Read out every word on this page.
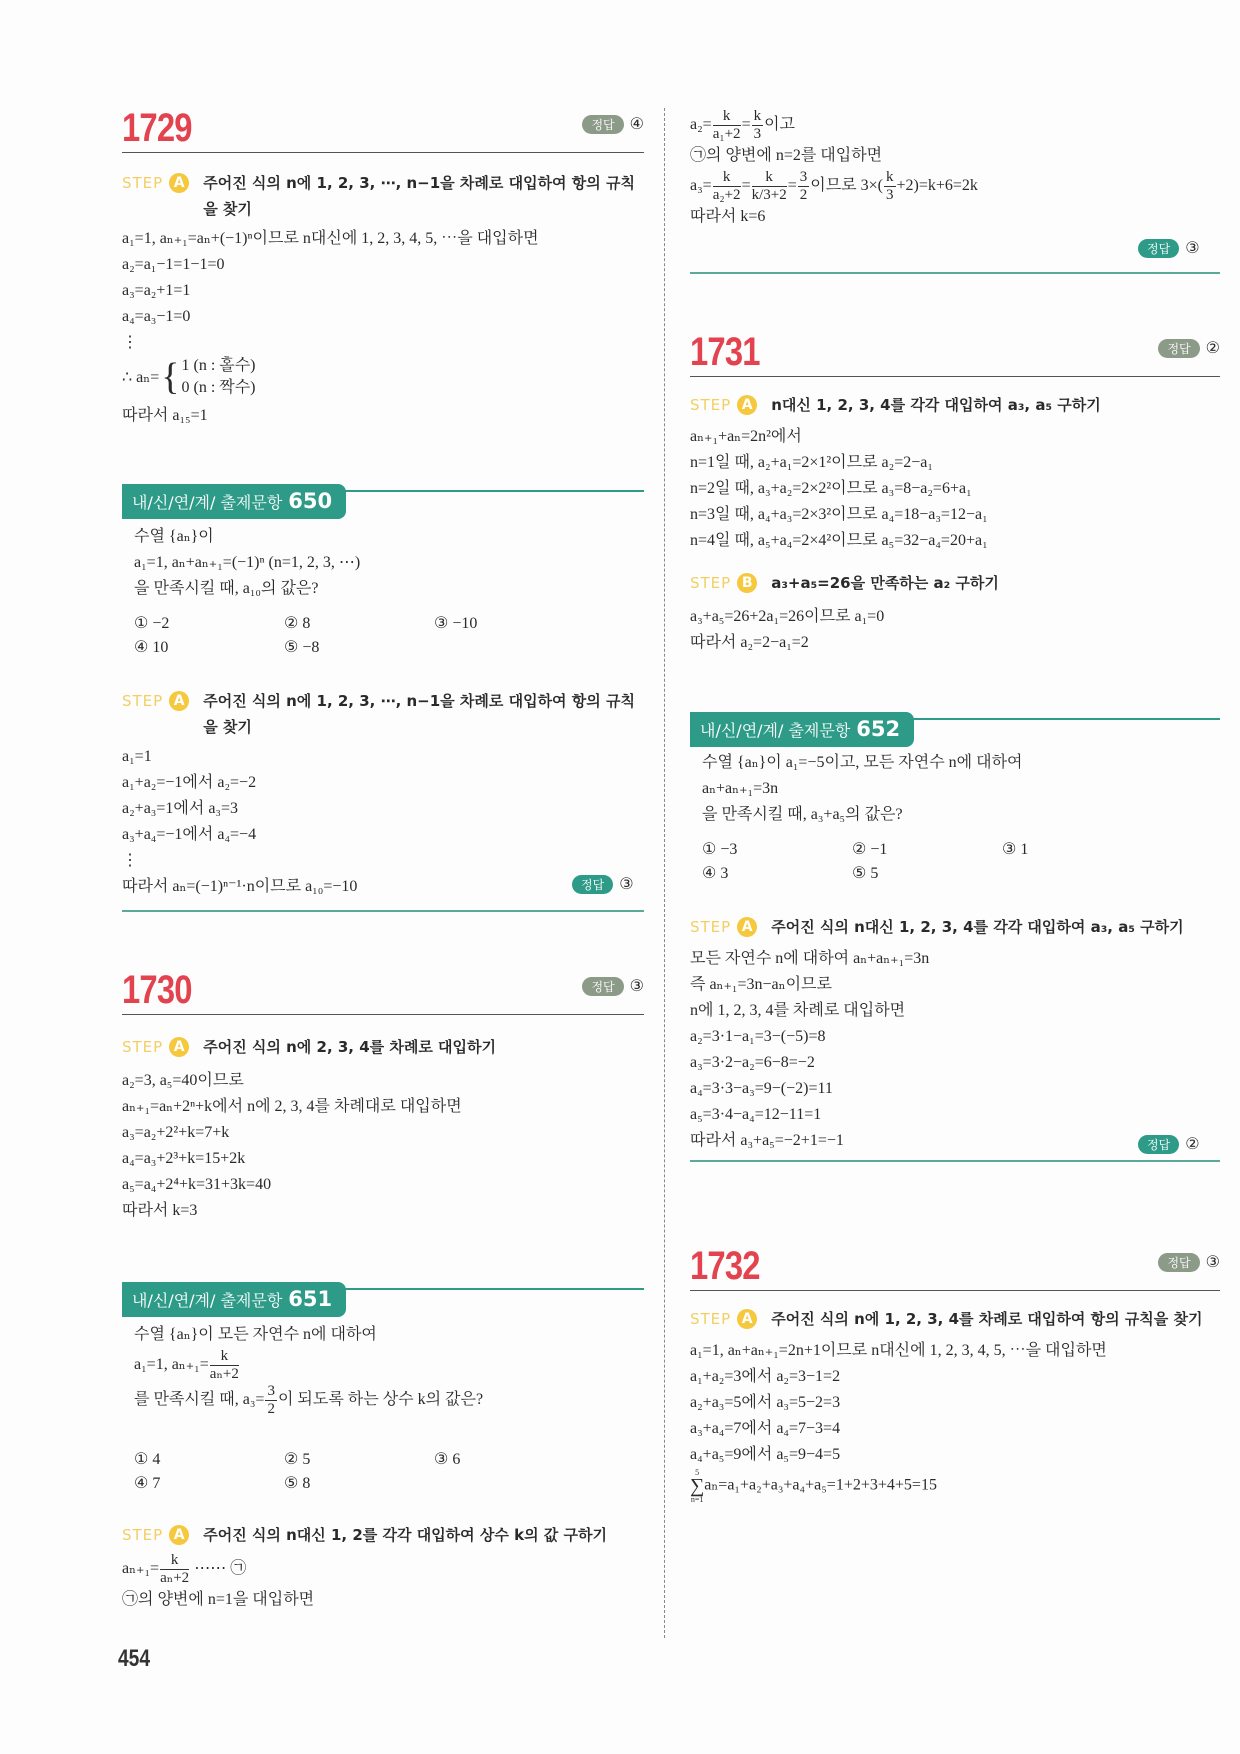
1729	정답 ④
STEP A	주어진 식의 n에 1, 2, 3, ⋯, n−1을 차례로 대입하여 항의 규칙을 찾기
a₁=1, aₙ₊₁=aₙ+(−1)ⁿ이므로 n대신에 1, 2, 3, 4, 5, ⋯을 대입하면
a₂=a₁−1=1−1=0
a₃=a₂+1=1
a₄=a₃−1=0
⋮
∴ aₙ= { 1 (n : 홀수)
0 (n : 짝수)
따라서 a₁₅=1
내/신/연/계/ 출제문항 650
수열 {aₙ}이
a₁=1, aₙ+aₙ₊₁=(−1)ⁿ (n=1, 2, 3, ⋯)
을 만족시킬 때, a₁₀의 값은?
① −2	② 8	③ −10
④ 10	⑤ −8
STEP A	주어진 식의 n에 1, 2, 3, ⋯, n−1을 차례로 대입하여 항의 규칙을 찾기
a₁=1
a₁+a₂=−1에서 a₂=−2
a₂+a₃=1에서 a₃=3
a₃+a₄=−1에서 a₄=−4
⋮
따라서 aₙ=(−1)ⁿ⁻¹·n이므로 a₁₀=−10	정답 ③
1730	정답 ③
STEP A	주어진 식의 n에 2, 3, 4를 차례로 대입하기
a₂=3, a₅=40이므로
aₙ₊₁=aₙ+2ⁿ+k에서 n에 2, 3, 4를 차례대로 대입하면
a₃=a₂+2²+k=7+k
a₄=a₃+2³+k=15+2k
a₅=a₄+2⁴+k=31+3k=40
따라서 k=3
내/신/연/계/ 출제문항 651
수열 {aₙ}이 모든 자연수 n에 대하여
a₁=1, $a_{n+1}= \frac{k}{\text{aₙ+2}}$
를 만족시킬 때, $a_3= \frac{3}{2}$ 이 되도록 하는 상수 k의 값은?
① 4	② 5	③ 6
④ 7	⑤ 8
STEP A	주어진 식의 n대신 1, 2를 각각 대입하여 상수 k의 값 구하기
$a_{n+1}= \frac{k}{\text{aₙ+2}}$ ⋯⋯ ㉠
㉠의 양변에 n=1을 대입하면
454
$a_2= \frac{k}{\text{a₁+2}} = \frac{k}{3}$ 이고
㉠의 양변에 n=2를 대입하면
$a_3= \frac{k}{\text{a₂+2}} = \frac{k}{k/3+2} = \frac{3}{2}$ 이므로 $3\times( \frac{k}{3} +2)=k+6=2k$
따라서 k=6
정답 ③
1731	정답 ②
STEP A	n대신 1, 2, 3, 4를 각각 대입하여 a₃, a₅ 구하기
aₙ₊₁+aₙ=2n²에서
n=1일 때, a₂+a₁=2×1²이므로 a₂=2−a₁
n=2일 때, a₃+a₂=2×2²이므로 a₃=8−a₂=6+a₁
n=3일 때, a₄+a₃=2×3²이므로 a₄=18−a₃=12−a₁
n=4일 때, a₅+a₄=2×4²이므로 a₅=32−a₄=20+a₁
STEP B	a₃+a₅=26을 만족하는 a₂ 구하기
a₃+a₅=26+2a₁=26이므로 a₁=0
따라서 a₂=2−a₁=2
내/신/연/계/ 출제문항 652
수열 {aₙ}이 a₁=−5이고, 모든 자연수 n에 대하여
aₙ+aₙ₊₁=3n
을 만족시킬 때, a₃+a₅의 값은?
① −3	② −1	③ 1
④ 3	⑤ 5
STEP A	주어진 식의 n대신 1, 2, 3, 4를 각각 대입하여 a₃, a₅ 구하기
모든 자연수 n에 대하여 aₙ+aₙ₊₁=3n
즉 aₙ₊₁=3n−aₙ이므로
n에 1, 2, 3, 4를 차례로 대입하면
a₂=3·1−a₁=3−(−5)=8
a₃=3·2−a₂=6−8=−2
a₄=3·3−a₃=9−(−2)=11
a₅=3·4−a₄=12−11=1
따라서 a₃+a₅=−2+1=−1	정답 ②
1732	정답 ③
STEP A	주어진 식의 n에 1, 2, 3, 4를 차례로 대입하여 항의 규칙을 찾기
a₁=1, aₙ+aₙ₊₁=2n+1이므로 n대신에 1, 2, 3, 4, 5, ⋯을 대입하면
a₁+a₂=3에서 a₂=3−1=2
a₂+a₃=5에서 a₃=5−2=3
a₃+a₄=7에서 a₄=7−3=4
a₄+a₅=9에서 a₅=9−4=5
5
∑
n=1
aₙ=a₁+a₂+a₃+a₄+a₅=1+2+3+4+5=15
